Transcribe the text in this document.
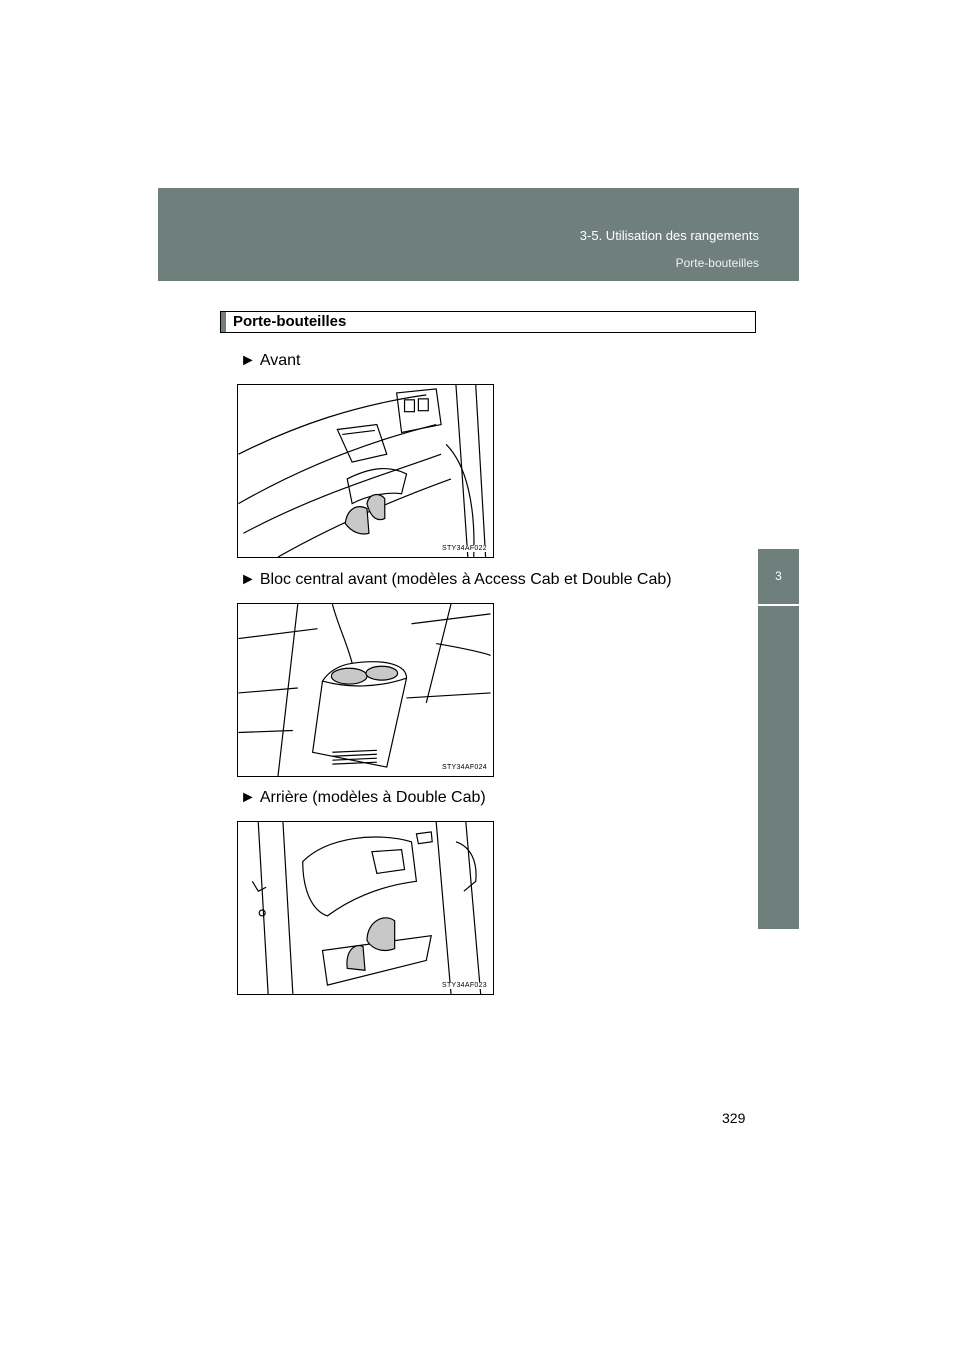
3-5. Utilisation des rangements
Porte-bouteilles
3
Caractéristiques intérieure et extérieure
Porte-bouteilles
► Avant
STY34AF022
► Bloc central avant (modèles à Access Cab et Double Cab)
STY34AF024
► Arrière (modèles à Double Cab)
STY34AF023
329
